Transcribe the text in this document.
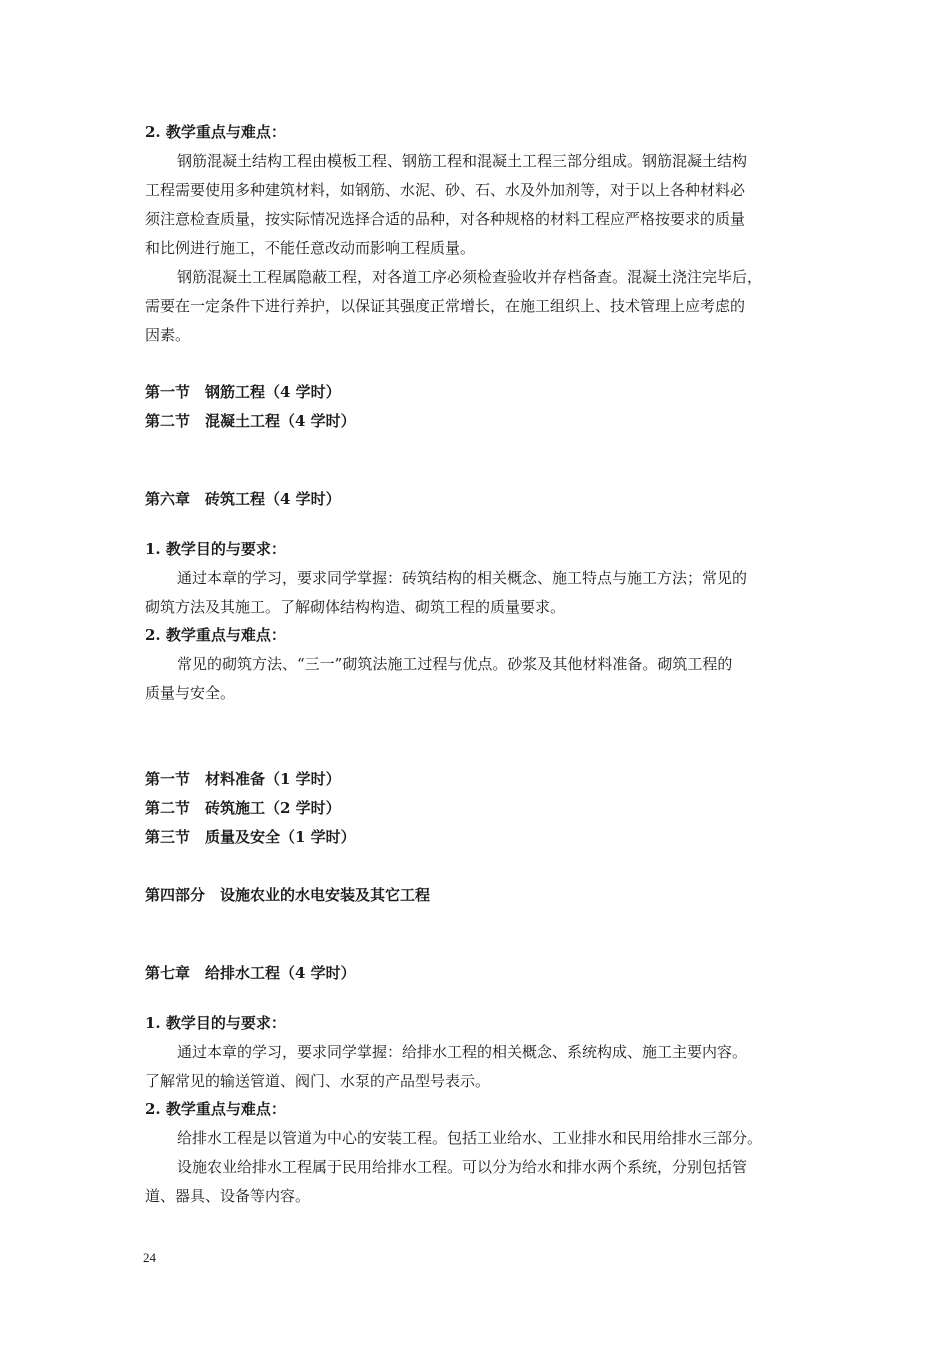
2. 教学重点与难点：
钢筋混凝土结构工程由模板工程、钢筋工程和混凝土工程三部分组成。钢筋混凝土结构
工程需要使用多种建筑材料，如钢筋、水泥、砂、石、水及外加剂等，对于以上各种材料必
须注意检查质量，按实际情况选择合适的品种，对各种规格的材料工程应严格按要求的质量
和比例进行施工，不能任意改动而影响工程质量。
钢筋混凝土工程属隐蔽工程，对各道工序必须检查验收并存档备查。混凝土浇注完毕后，
需要在一定条件下进行养护，以保证其强度正常增长，在施工组织上、技术管理上应考虑的
因素。
第一节　钢筋工程（4 学时）
第二节　混凝土工程（4 学时）
第六章　砖筑工程（4 学时）
1. 教学目的与要求：
通过本章的学习，要求同学掌握：砖筑结构的相关概念、施工特点与施工方法；常见的
砌筑方法及其施工。了解砌体结构构造、砌筑工程的质量要求。
2. 教学重点与难点：
常见的砌筑方法、“三一”砌筑法施工过程与优点。砂浆及其他材料准备。砌筑工程的
质量与安全。
第一节　材料准备（1 学时）
第二节　砖筑施工（2 学时）
第三节　质量及安全（1 学时）
第四部分　设施农业的水电安装及其它工程
第七章　给排水工程（4 学时）
1. 教学目的与要求：
通过本章的学习，要求同学掌握：给排水工程的相关概念、系统构成、施工主要内容。
了解常见的输送管道、阀门、水泵的产品型号表示。
2. 教学重点与难点：
给排水工程是以管道为中心的安装工程。包括工业给水、工业排水和民用给排水三部分。
设施农业给排水工程属于民用给排水工程。可以分为给水和排水两个系统，分别包括管
道、器具、设备等内容。
24
